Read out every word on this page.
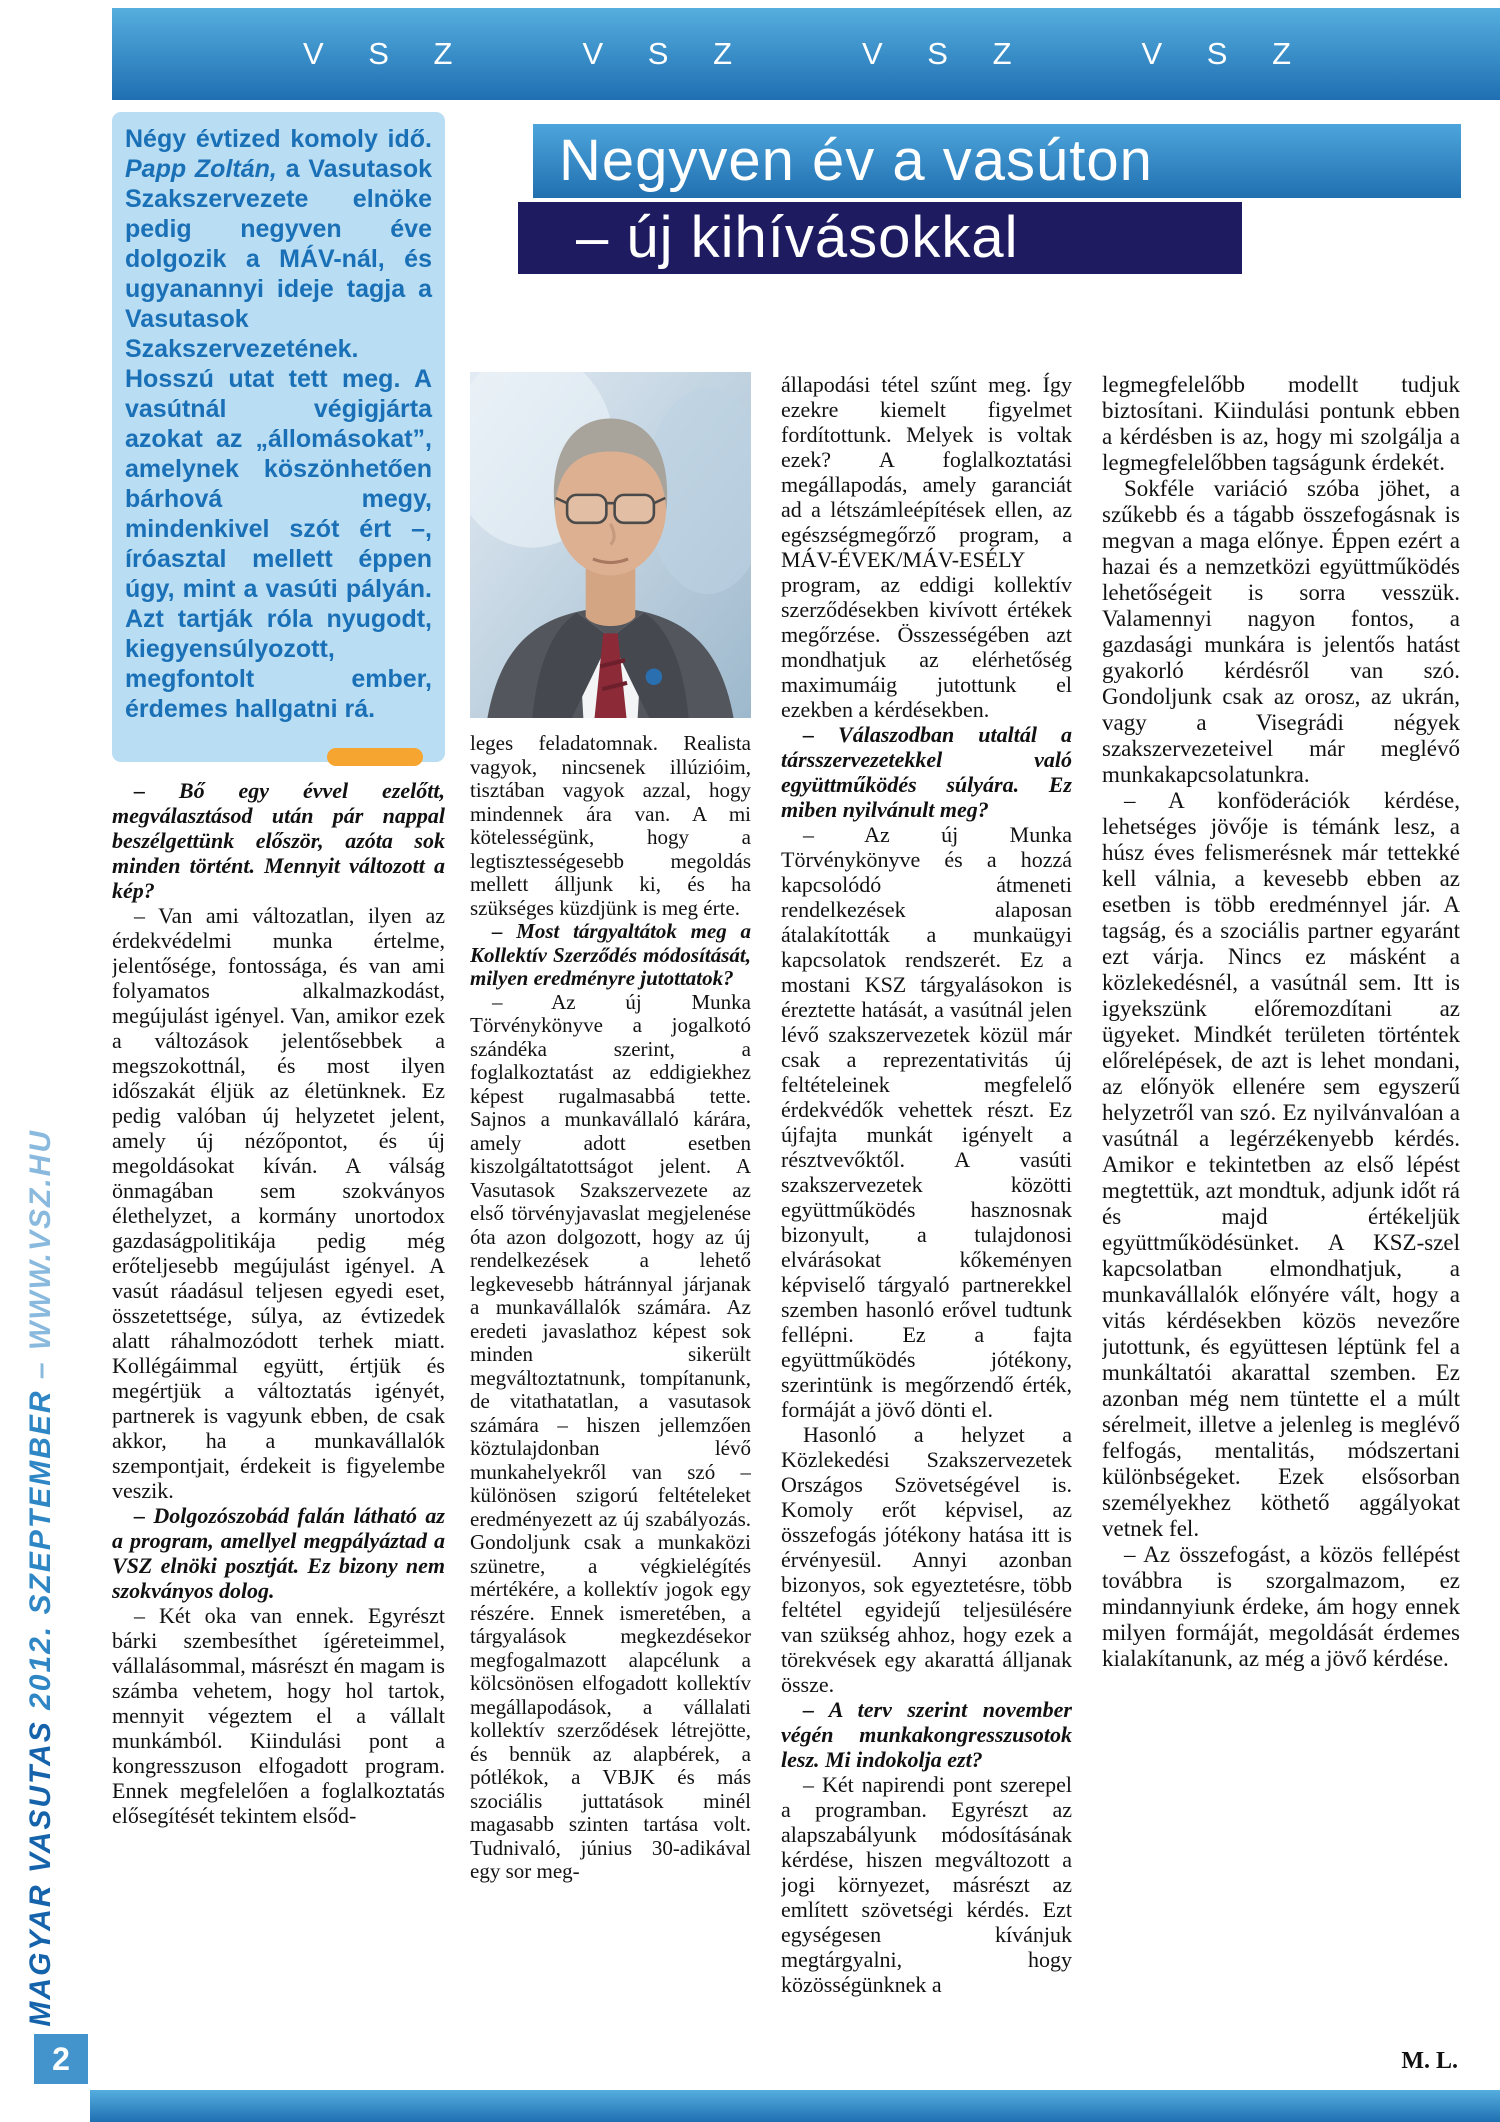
MAGYAR VASUTAS 2012. SZEPTEMBER – WWW.VSZ.HU
2
V S Z	V S Z	V S Z	V S Z
Negyven év a vasúton
– új kihívásokkal

Négy évtized komoly idő. Papp Zoltán, a Vasutasok Szakszervezete elnöke pedig negyven éve dolgozik a MÁV-nál, és ugyanannyi ideje tagja a Vasutasok Szakszervezetének. Hosszú utat tett meg. A vasútnál végigjárta azokat az „állomásokat”, amelynek köszönhetően bárhová megy, mindenkivel szót ért –, íróasztal mellett éppen úgy, mint a vasúti pályán. Azt tartják róla nyugodt, kiegyensúlyozott, megfontolt ember, érdemes hallgatni rá.

– Bő egy évvel ezelőtt, megválasztásod után pár nappal beszélgettünk először, azóta sok minden történt. Mennyit változott a kép?

– Van ami változatlan, ilyen az érdekvédelmi munka értelme, jelentősége, fontossága, és van ami folyamatos alkalmazkodást, megújulást igényel. Van, amikor ezek a változások jelentősebbek a megszokottnál, és most ilyen időszakát éljük az életünknek. Ez pedig valóban új helyzetet jelent, amely új nézőpontot, és új megoldásokat kíván. A válság önmagában sem szokványos élethelyzet, a kormány unortodox gazdaságpolitikája pedig még erőteljesebb megújulást igényel. A vasút ráadásul teljesen egyedi eset, összetettsége, súlya, az évtizedek alatt ráhalmozódott terhek miatt. Kollégáimmal együtt, értjük és megértjük a változtatás igényét, partnerek is vagyunk ebben, de csak akkor, ha a munkavállalók szempontjait, érdekeit is figyelembe veszik.

– Dolgozószobád falán látható az a program, amellyel megpályáztad a VSZ elnöki posztját. Ez bizony nem szokványos dolog.

– Két oka van ennek. Egyrészt bárki szembesíthet ígéreteimmel, vállalásommal, másrészt én magam is számba vehetem, hogy hol tartok, mennyit végeztem el a vállalt munkámból. Kiindulási pont a kongresszuson elfogadott program. Ennek megfelelően a foglalkoztatás elősegítését tekintem elsőd-

leges feladatomnak. Realista vagyok, nincsenek illúzióim, tisztában vagyok azzal, hogy mindennek ára van. A mi kötelességünk, hogy a legtisztességesebb megoldás mellett álljunk ki, és ha szükséges küzdjünk is meg érte.

– Most tárgyaltátok meg a Kollektív Szerződés módosítását, milyen eredményre jutottatok?

– Az új Munka Törvénykönyve a jogalkotó szándéka szerint, a foglalkoztatást az eddigiekhez képest rugalmasabbá tette. Sajnos a munkavállaló kárára, amely adott esetben kiszolgáltatottságot jelent. A Vasutasok Szakszervezete az első törvényjavaslat megjelenése óta azon dolgozott, hogy az új rendelkezések a lehető legkevesebb hátránnyal járjanak a munkavállalók számára. Az eredeti javaslathoz képest sok minden sikerült megváltoztatnunk, tompítanunk, de vitathatatlan, a vasutasok számára – hiszen jellemzően köztulajdonban lévő munkahelyekről van szó – különösen szigorú feltételeket eredményezett az új szabályozás. Gondoljunk csak a munkaközi szünetre, a végkielégítés mértékére, a kollektív jogok egy részére. Ennek ismeretében, a tárgyalások megkezdésekor megfogalmazott alapcélunk a kölcsönösen elfogadott kollektív megállapodások, a vállalati kollektív szerződések létrejötte, és bennük az alapbérek, a pótlékok, a VBJK és más szociális juttatások minél magasabb szinten tartása volt. Tudnivaló, június 30-adikával egy sor meg-

állapodási tétel szűnt meg. Így ezekre kiemelt figyelmet fordítottunk. Melyek is voltak ezek? A foglalkoztatási megállapodás, amely garanciát ad a létszámleépítések ellen, az egészségmegőrző program, a MÁV-ÉVEK/MÁV-ESÉLY program, az eddigi kollektív szerződésekben kivívott értékek megőrzése. Összességében azt mondhatjuk az elérhetőség maximumáig jutottunk el ezekben a kérdésekben.

– Válaszodban utaltál a társszervezetekkel való együttműködés súlyára. Ez miben nyilvánult meg?

– Az új Munka Törvénykönyve és a hozzá kapcsolódó átmeneti rendelkezések alaposan átalakították a munkaügyi kapcsolatok rendszerét. Ez a mostani KSZ tárgyalásokon is éreztette hatását, a vasútnál jelen lévő szakszervezetek közül már csak a reprezentativitás új feltételeinek megfelelő érdekvédők vehettek részt. Ez újfajta munkát igényelt a résztvevőktől. A vasúti szakszervezetek közötti együttműködés hasznosnak bizonyult, a tulajdonosi elvárásokat kőkeményen képviselő tárgyaló partnerekkel szemben hasonló erővel tudtunk fellépni. Ez a fajta együttműködés jótékony, szerintünk is megőrzendő érték, formáját a jövő dönti el.

Hasonló a helyzet a Közlekedési Szakszervezetek Országos Szövetségével is. Komoly erőt képvisel, az összefogás jótékony hatása itt is érvényesül. Annyi azonban bizonyos, sok egyeztetésre, több feltétel egyidejű teljesülésére van szükség ahhoz, hogy ezek a törekvések egy akarattá álljanak össze.

– A terv szerint november végén munkakongresszusotok lesz. Mi indokolja ezt?

– Két napirendi pont szerepel a programban. Egyrészt az alapszabályunk módosításának kérdése, hiszen megváltozott a jogi környezet, másrészt az említett szövetségi kérdés. Ezt egységesen kívánjuk megtárgyalni, hogy közösségünknek a

legmegfelelőbb modellt tudjuk biztosítani. Kiindulási pontunk ebben a kérdésben is az, hogy mi szolgálja a legmegfelelőbben tagságunk érdekét.

Sokféle variáció szóba jöhet, a szűkebb és a tágabb összefogásnak is megvan a maga előnye. Éppen ezért a hazai és a nemzetközi együttműködés lehetőségeit is sorra vesszük. Valamennyi nagyon fontos, a gazdasági munkára is jelentős hatást gyakorló kérdésről van szó. Gondoljunk csak az orosz, az ukrán, vagy a Visegrádi négyek szakszervezeteivel már meglévő munkakapcsolatunkra.

– A konföderációk kérdése, lehetséges jövője is témánk lesz, a húsz éves felismerésnek már tettekké kell válnia, a kevesebb ebben az esetben is több eredménnyel jár. A tagság, és a szociális partner egyaránt ezt várja. Nincs ez másként a közlekedésnél, a vasútnál sem. Itt is igyekszünk előremozdítani az ügyeket. Mindkét területen történtek előrelépések, de azt is lehet mondani, az előnyök ellenére sem egyszerű helyzetről van szó. Ez nyilvánvalóan a vasútnál a legérzékenyebb kérdés. Amikor e tekintetben az első lépést megtettük, azt mondtuk, adjunk időt rá és majd értékeljük együttműködésünket. A KSZ-szel kapcsolatban elmondhatjuk, a munkavállalók előnyére vált, hogy a vitás kérdésekben közös nevezőre jutottunk, és együttesen léptünk fel a munkáltatói akarattal szemben. Ez azonban még nem tüntette el a múlt sérelmeit, illetve a jelenleg is meglévő felfogás, mentalitás, módszertani különbségeket. Ezek elsősorban személyekhez köthető aggályokat vetnek fel.

– Az összefogást, a közös fellépést továbbra is szorgalmazom, ez mindannyiunk érdeke, ám hogy ennek milyen formáját, megoldását érdemes kialakítanunk, az még a jövő kérdése.

M. L.
